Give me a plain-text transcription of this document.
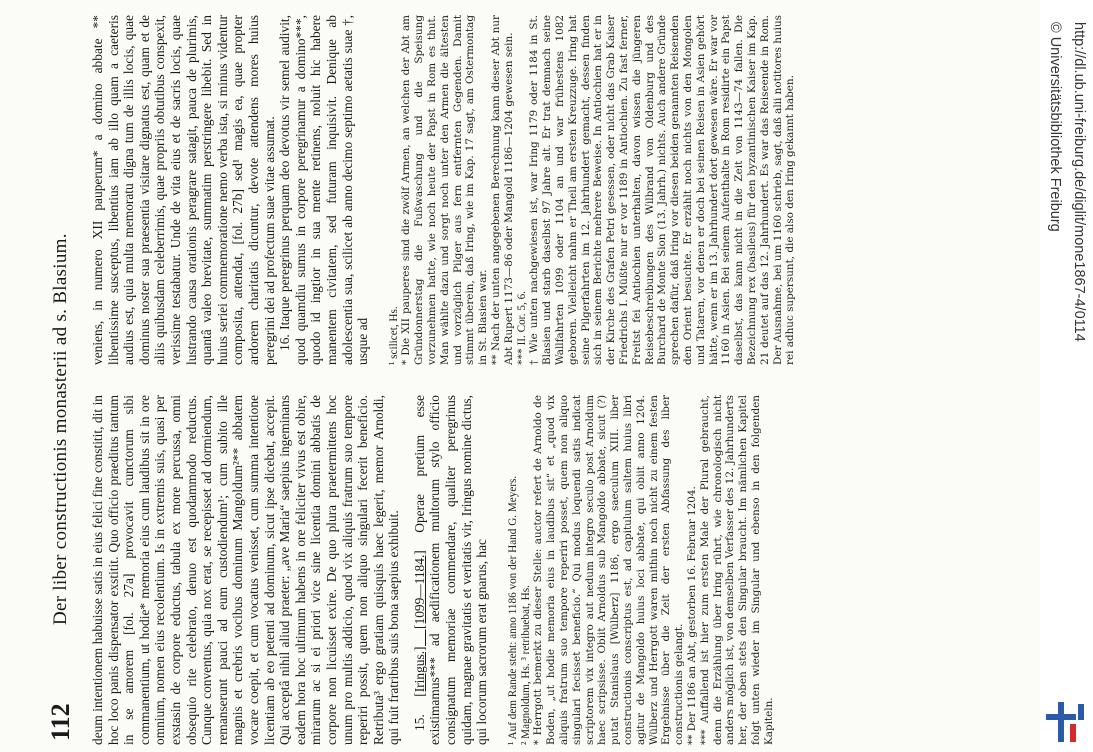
112
Der liber constructionis monasterii ad s. Blasium. deum intentionem habuisse satis in eius felici fine constitit, dit in hoc loco panis dispensator exstitit. Quo officio praeditus tantum in se amorem [fol. 27a] provocavit cunctorum sibi commanentium, ut hodie* memoria eius cum laudibus sit in ore omnium, nomen eius recolentium. Is in extremis suis, quasi per exstasin de corpore eductus, tabula ex more percussa, omni obsequio rite celebrato, denuo est quodammodo reductus. Cunque conventus, quia nox erat, se recepisset ad dormiendum, remanserunt pauci ad eum custodiendum¹; cum subito ille magnis et crebris vocibus dominum Mangoldum²** abbatem vocare coepit, et cum vocatus venisset, cum summa intentione licentiam ab eo petenti ad dominum, sicut ipse dicebat, accepit. Qui acceptâ nihil aliud praeter: „ave Maria“ saepius ingeminans eadem hora hoc ultimum habens in ore feliciter vivus est obire, mirarum ac si ei priori vice sine licentia domini abbatis de corpore non licuisset exire. De quo plura praetermittens hoc unum pro multis addicio, quod vix aliquis fratrum suo tempore reperiri possit, quem non aliquo singulari fecerit beneficio. Retributa³ ergo gratiam quisquis haec legerit, memor Arnoldi, qui fuit fratribus suis bona saepius exhibuit. 15. [Iringus.] [1099—1184.] Operae pretium esse existimamus*** ad aedificationem multorum stylo officio consignatum memoriae commendare, qualiter peregrinus quidam, magnae gravitatis et veritatis vir, Iringus nomine dictus, qui locorum sacrorum erat gnarus, hac ¹ Auf dem Rande steht: anno 1186 von der Hand G. Meyers. ² Magnoldum, Hs. ³ retribuebat, Hs. * Herrgott bemerkt zu dieser Stelle: auctor refert de Arnoldo de Boden, „ut hodie memoria eius in laudibus sit“ et „quod vix aliquis fratrum suo tempore reperiri posset, quem non aliquo singulari fecisset beneficio.“ Qui modus loquendi satis indicat scriptorem vix integro aut nedum integro seculo post Arnoldum haec scripsisse. Obiit Arnoldus sub Mangoldo abbate, sicut (?) putat Stanislaus [Wülberz] 1186, ergo saeculum XIII. liber constructionis conscriptus est, ad capitulum saltem huius libri agitur de Mangoldo huius loci abbate, qui obiit anno 1204. Wülberz und Herrgott waren mithin noch nicht zu einem festen Ergebnisse über die Zeit der ersten Abfassung des liber constructionis gelangt. ** Der 1186 an Abt, gestorben 16. Februar 1204. *** Auffallend ist hier zum ersten Male der Plural gebraucht, denn die Erzählung über Iring rührt, wie chronologisch nicht anders möglich ist, von demselben Verfasser des 12. Jahrhunderts her, der oben stets den Singular braucht. Im nämlichen Kapitel folgt unten wieder im Singular und ebenso in den folgenden Kapiteln.

veniens, in numero XII pauperum* a domino abbate ** libentissime susceptus, libentius iam ab illo quam a caeteris audius est, quia multa memoratu digna tum de illis locis, quae dominus noster sua praesentia visitare dignatus est, quam et de aliis quibusdam celeberrimis, quae propriis obtutibus conspexit, verissime testabatur. Unde de vita eius et de sacris locis, quae lustrando causa orationis peragrare satagit, pauca de plurimis, quantâ valeo brevitate, summatim perstringere libebit. Sed in huius seriei commemoratione nemo verba ista, si minus videntur composita, attendat, [fol. 27b] sed¹ magis ea, quae propter ardorem charitatis dicuntur, devote attendens mores huius peregrini dei ad profectum suae vitae assumat. 16. Itaque peregrinus perquam deo devotus vir semel audivit, quod quamdiu sumus in corpore peregrinamur a domino***, quodo id ingtior in sua mente retinens, noluit hic habere manentem civitatem, sed futuram inquisivit. Denique ab adolescentia sua, scilicet ab anno decimo septimo aetatis suae †, usque ad ¹ scilicet, Hs. * Die XII pauperes sind die zwölf Armen, an welchen der Abt am Gründonnerstag die Fußwaschung und die Speisung vorzunehmen hatte, wie noch heute der Papst in Rom es thut. Man wählte dazu und sorgt noch unter den Armen die ältesten und vorzüglich Pilger aus fern entfernten Gegenden. Damit stimmt überein, daß Iring, wie im Kap. 17 sagt, am Ostermontag in St. Blasien war. ** Nach der unten angegebenen Berechnung kann dieser Abt nur Abt Rupert 1173—86 oder Mangold 1186—1204 gewesen sein. *** II. Cor. 5, 6. † Wie unten nachgewiesen ist, war Iring 1179 oder 1184 in St. Blasien und starb daselbst 97 Jahre alt. Er trat demnach seine Wallfahrten 1099 oder 1104 an und war frühestens 1082 geboren. Vielleicht nahm er Theil am ersten Kreuzzuge. Iring hat seine Pilgerfahrten im 12. Jahrhundert gemacht, dessen finden sich in seinem Berichte mehrere Beweise. In Antiochien hat er in der Kirche des Grafen Petri gesessen, oder nicht das Grab Kaiser Friedrichs I. Müßte nur er vor 1189 in Antiochien. Zu fast ferner, Freitst fei Antiochien unterhalten, davon wissen die jüngeren Reisebeschreibungen des Wilbrand von Oldenburg und des Burchard de Monte Sion (13. Jahrh.) nichts. Auch andere Gründe sprechen dafür, daß Iring vor diesen beiden genannten Reisenden den Orient besuchte. Er erzählt noch nichts von den Mongolen und Tataren, vor denen er doch bei seinen Reisen in Asien gehört hätte, wenn er im 13. Jahrhundert dort gewesen wäre. Er war vor 1160 in Asien. Bei seinem Aufenthalte in Rom residirte ein Papst daselbst, das kann nicht in die Zeit von 1143—74 fallen. Die Bezeichnung rex (basileus) für den byzantinischen Kaiser im Kap. 21 deutet auf das 12. Jahrhundert. Es war das Reiseende in Rom. Der Ausnahme, bei um 1160 schrieb, sagt, daß alii notitores huius rei adhuc supersunt, die also den Iring gekannt haben.	http://dl.ub.uni-freiburg.de/diglit/mone1867-4/0114
© Universitätsbibliothek Freiburg
